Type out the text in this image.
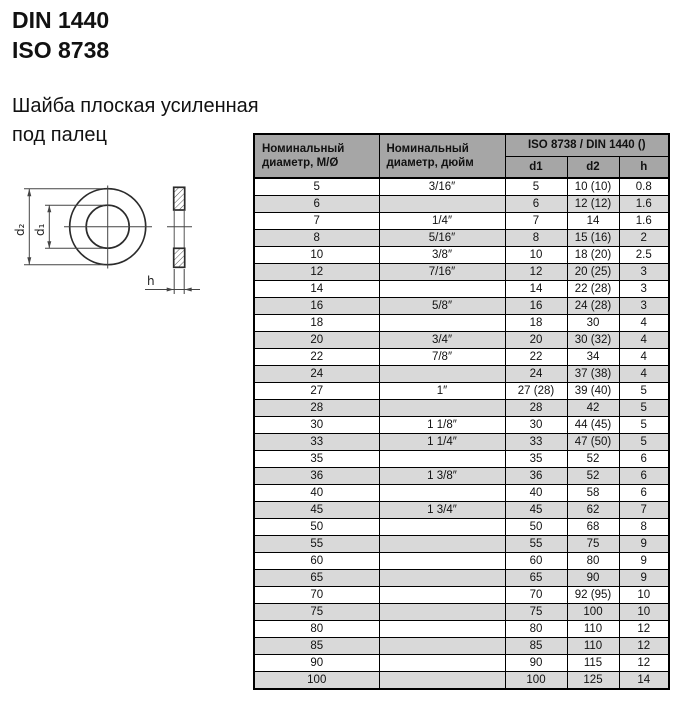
DIN 1440
ISO 8738
Шайба плоская усиленная
под палец
d₂ d₁
h
Номинальный диаметр, М/Ø	Номинальный диаметр, дюйм	ISO 8738 / DIN 1440 ()		
		d1	d2	h
5	3/16″	5	10 (10)	0.8
6		6	12 (12)	1.6
7	1/4″	7	14	1.6
8	5/16″	8	15 (16)	2
10	3/8″	10	18 (20)	2.5
12	7/16″	12	20 (25)	3
14		14	22 (28)	3
16	5/8″	16	24 (28)	3
18		18	30	4
20	3/4″	20	30 (32)	4
22	7/8″	22	34	4
24		24	37 (38)	4
27	1″	27 (28)	39 (40)	5
28		28	42	5
30	1 1/8″	30	44 (45)	5
33	1 1/4″	33	47 (50)	5
35		35	52	6
36	1 3/8″	36	52	6
40		40	58	6
45	1 3/4″	45	62	7
50		50	68	8
55		55	75	9
60		60	80	9
65		65	90	9
70		70	92 (95)	10
75		75	100	10
80		80	110	12
85		85	110	12
90		90	115	12
100		100	125	14
